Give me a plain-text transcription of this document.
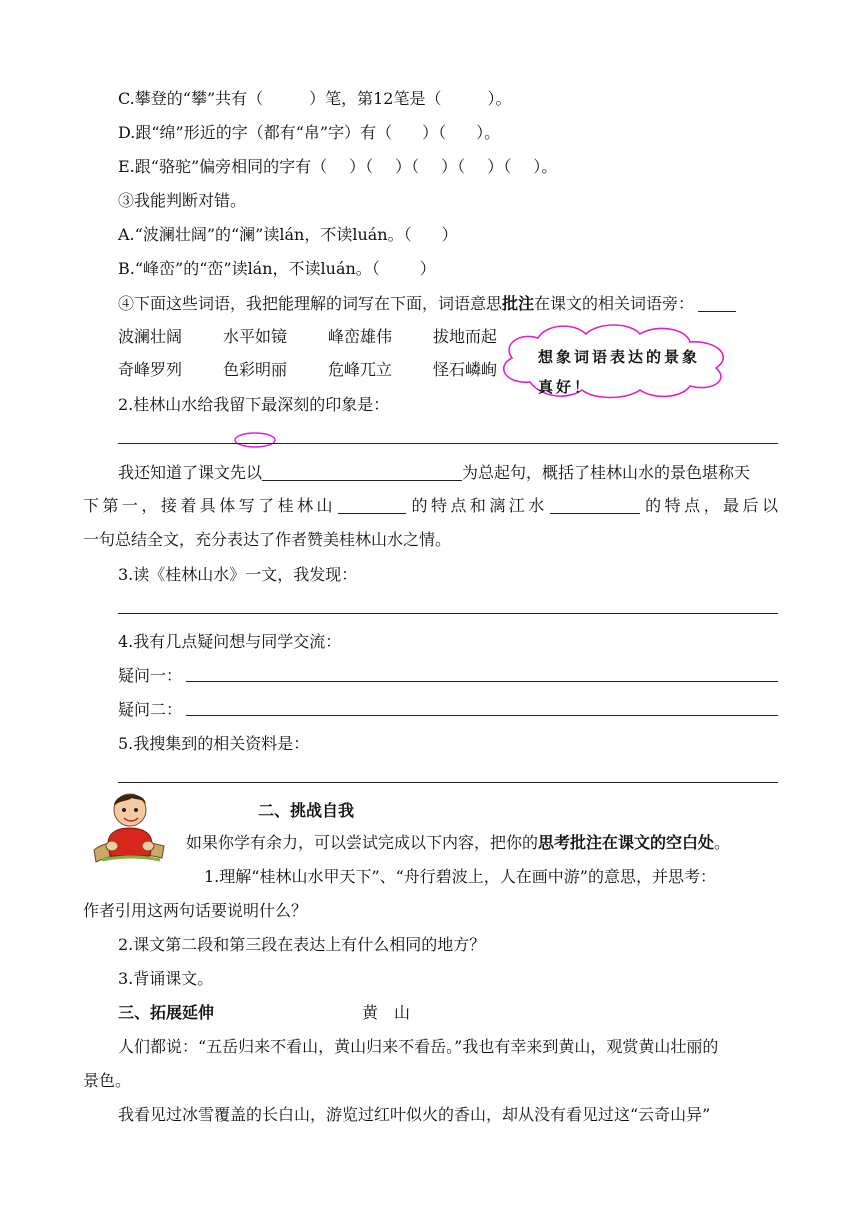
C.攀登的“攀”共有（	）笔，第12笔是（	）。
D.跟“绵”形近的字（都有“帛”字）有（ ）（ ）。
E.跟“骆驼”偏旁相同的字有（ ）（ ）（ ）（ ）（ ）。
③我能判断对错。
A.“波澜壮阔”的“澜”读lán，不读luán。（ ）
B.“峰峦”的“峦”读lán，不读luán。（	）
④下面这些词语，我把能理解的词写在下面，词语意思批注在课文的相关词语旁：
波澜壮阔	水平如镜	峰峦雄伟	拔地而起
奇峰罗列	色彩明丽	危峰兀立	怪石嶙峋
想象词语表达的景象真好！
2.桂林山水给我留下最深刻的印象是：
我还知道了课文先以	为总起句，概括了桂林山水的景色堪称天
下第一，接着具体写了桂林山	的特点和漓江水	的特点，最后以
一句总结全文，充分表达了作者赞美桂林山水之情。
3.读《桂林山水》一文，我发现：
4.我有几点疑问想与同学交流：
疑问一：
疑问二：
5.我搜集到的相关资料是：
二、挑战自我
如果你学有余力，可以尝试完成以下内容，把你的思考批注在课文的空白处。
1.理解“桂林山水甲天下”、“舟行碧波上，人在画中游”的意思，并思考：
作者引用这两句话要说明什么？
2.课文第二段和第三段在表达上有什么相同的地方？
3.背诵课文。
三、拓展延伸	黄　山
人们都说：“五岳归来不看山，黄山归来不看岳。”我也有幸来到黄山，观赏黄山壮丽的
景色。
我看见过冰雪覆盖的长白山，游览过红叶似火的香山，却从没有看见过这“云奇山异”
